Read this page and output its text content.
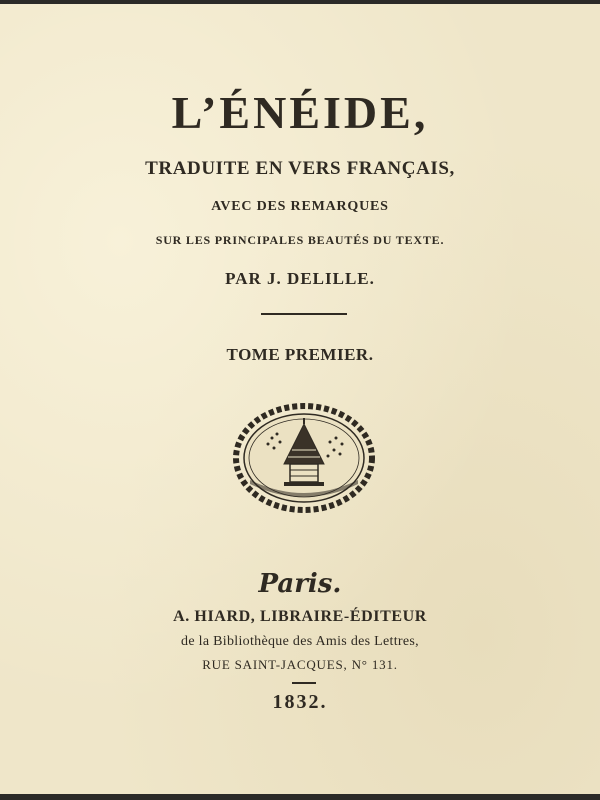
L’ÉNÉIDE,
TRADUITE EN VERS FRANÇAIS,
AVEC DES REMARQUES
SUR LES PRINCIPALES BEAUTÉS DU TEXTE.
PAR J. DELILLE.
TOME PREMIER.
Paris.
A. HIARD, LIBRAIRE-ÉDITEUR
de la Bibliothèque des Amis des Lettres,
RUE SAINT-JACQUES, N° 131.
1832.
